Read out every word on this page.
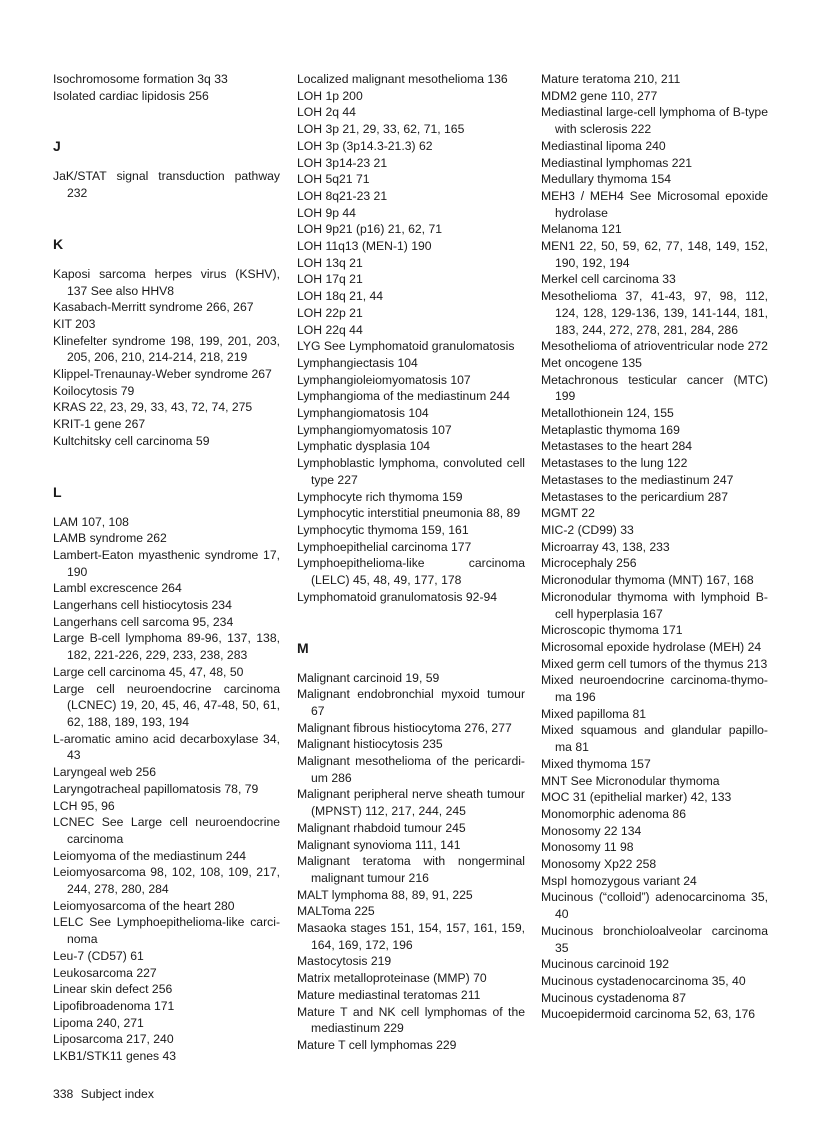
Isochromosome formation 3q 33
Isolated cardiac lipidosis 256
J
JaK/STAT signal transduction pathway 232
K
Kaposi sarcoma herpes virus (KSHV), 137 See also HHV8
Kasabach-Merritt syndrome 266, 267
KIT 203
Klinefelter syndrome 198, 199, 201, 203, 205, 206, 210, 214-214, 218, 219
Klippel-Trenaunay-Weber syndrome 267
Koilocytosis 79
KRAS 22, 23, 29, 33, 43, 72, 74, 275
KRIT-1 gene 267
Kultchitsky cell carcinoma 59
L
LAM 107, 108
LAMB syndrome 262
Lambert-Eaton myasthenic syndrome 17, 190
Lambl excrescence 264
Langerhans cell histiocytosis 234
Langerhans cell sarcoma 95, 234
Large B-cell lymphoma 89-96, 137, 138, 182, 221-226, 229, 233, 238, 283
Large cell carcinoma 45, 47, 48, 50
Large cell neuroendocrine carcinoma (LCNEC) 19, 20, 45, 46, 47-48, 50, 61, 62, 188, 189, 193, 194
L-aromatic amino acid decarboxylase 34, 43
Laryngeal web 256
Laryngotracheal papillomatosis 78, 79
LCH 95, 96
LCNEC See Large cell neuroendocrine carcinoma
Leiomyoma of the mediastinum 244
Leiomyosarcoma 98, 102, 108, 109, 217, 244, 278, 280, 284
Leiomyosarcoma of the heart 280
LELC See Lymphoepithelioma-like carci-noma
Leu-7 (CD57) 61
Leukosarcoma 227
Linear skin defect 256
Lipofibroadenoma 171
Lipoma 240, 271
Liposarcoma 217, 240
LKB1/STK11 genes 43
Localized malignant mesothelioma 136
LOH 1p 200
LOH 2q 44
LOH 3p 21, 29, 33, 62, 71, 165
LOH 3p (3p14.3-21.3) 62
LOH 3p14-23 21
LOH 5q21 71
LOH 8q21-23 21
LOH 9p 44
LOH 9p21 (p16) 21, 62, 71
LOH 11q13 (MEN-1) 190
LOH 13q 21
LOH 17q 21
LOH 18q 21, 44
LOH 22p 21
LOH 22q 44
LYG See Lymphomatoid granulomatosis
Lymphangiectasis 104
Lymphangioleiomyomatosis 107
Lymphangioma of the mediastinum 244
Lymphangiomatosis 104
Lymphangiomyomatosis 107
Lymphatic dysplasia 104
Lymphoblastic lymphoma, convoluted cell type 227
Lymphocyte rich thymoma 159
Lymphocytic interstitial pneumonia 88, 89
Lymphocytic thymoma 159, 161
Lymphoepithelial carcinoma 177
Lymphoepithelioma-like carcinoma (LELC) 45, 48, 49, 177, 178
Lymphomatoid granulomatosis 92-94
M
Malignant carcinoid 19, 59
Malignant endobronchial myxoid tumour 67
Malignant fibrous histiocytoma 276, 277
Malignant histiocytosis 235
Malignant mesothelioma of the pericardi-um 286
Malignant peripheral nerve sheath tumour (MPNST) 112, 217, 244, 245
Malignant rhabdoid tumour 245
Malignant synovioma 111, 141
Malignant teratoma with nongerminal malignant tumour 216
MALT lymphoma 88, 89, 91, 225
MALToma 225
Masaoka stages 151, 154, 157, 161, 159, 164, 169, 172, 196
Mastocytosis 219
Matrix metalloproteinase (MMP) 70
Mature mediastinal teratomas 211
Mature T and NK cell lymphomas of the mediastinum 229
Mature T cell lymphomas 229
Mature teratoma 210, 211
MDM2 gene 110, 277
Mediastinal large-cell lymphoma of B-type with sclerosis 222
Mediastinal lipoma 240
Mediastinal lymphomas 221
Medullary thymoma 154
MEH3 / MEH4 See Microsomal epoxide hydrolase
Melanoma 121
MEN1 22, 50, 59, 62, 77, 148, 149, 152, 190, 192, 194
Merkel cell carcinoma 33
Mesothelioma 37, 41-43, 97, 98, 112, 124, 128, 129-136, 139, 141-144, 181, 183, 244, 272, 278, 281, 284, 286
Mesothelioma of atrioventricular node 272
Met oncogene 135
Metachronous testicular cancer (MTC) 199
Metallothionein 124, 155
Metaplastic thymoma 169
Metastases to the heart 284
Metastases to the lung 122
Metastases to the mediastinum 247
Metastases to the pericardium 287
MGMT 22
MIC-2 (CD99) 33
Microarray 43, 138, 233
Microcephaly 256
Micronodular thymoma (MNT) 167, 168
Micronodular thymoma with lymphoid B-cell hyperplasia 167
Microscopic thymoma 171
Microsomal epoxide hydrolase (MEH) 24
Mixed germ cell tumors of the thymus 213
Mixed neuroendocrine carcinoma-thymo-ma 196
Mixed papilloma 81
Mixed squamous and glandular papillo-ma 81
Mixed thymoma 157
MNT See Micronodular thymoma
MOC 31 (epithelial marker) 42, 133
Monomorphic adenoma 86
Monosomy 22 134
Monosomy 11 98
Monosomy Xp22 258
MspI homozygous variant 24
Mucinous (“colloid”) adenocarcinoma 35, 40
Mucinous bronchioloalveolar carcinoma 35
Mucinous carcinoid 192
Mucinous cystadenocarcinoma 35, 40
Mucinous cystadenoma 87
Mucoepidermoid carcinoma 52, 63, 176
338 Subject index
